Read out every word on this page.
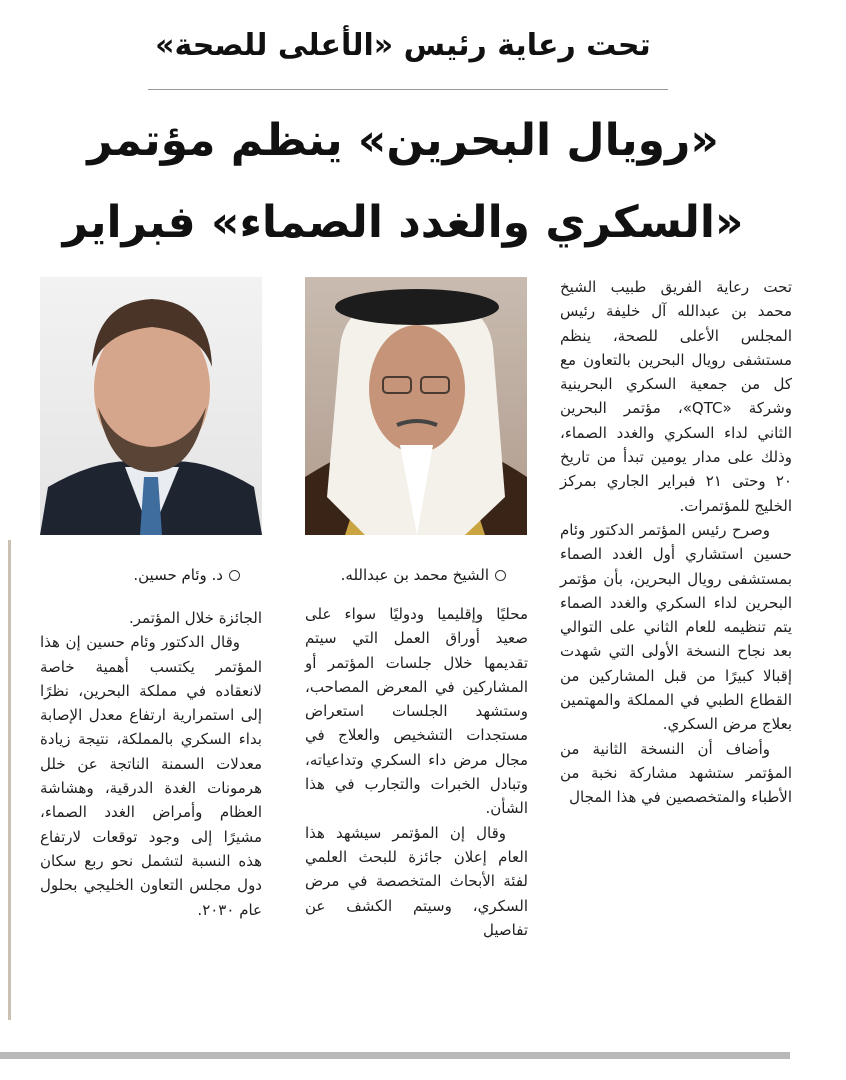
تحت رعاية رئيس «الأعلى للصحة»
«رويال البحرين» ينظم مؤتمر «السكري والغدد الصماء» فبراير

تحت رعاية الفريق طبيب الشيخ محمد بن عبدالله آل خليفة رئيس المجلس الأعلى للصحة، ينظم مستشفى رويال البحرين بالتعاون مع كل من جمعية السكري البحرينية وشركة «QTC»، مؤتمر البحرين الثاني لداء السكري والغدد الصماء، وذلك على مدار يومين تبدأ من تاريخ ٢٠ وحتى ٢١ فبراير الجاري بمركز الخليج للمؤتمرات.

وصرح رئيس المؤتمر الدكتور وئام حسين استشاري أول الغدد الصماء بمستشفى رويال البحرين، بأن مؤتمر البحرين لداء السكري والغدد الصماء يتم تنظيمه للعام الثاني على التوالي بعد نجاح النسخة الأولى التي شهدت إقبالا كبيرًا من قبل المشاركين من القطاع الطبي في المملكة والمهتمين بعلاج مرض السكري.

وأضاف أن النسخة الثانية من المؤتمر ستشهد مشاركة نخبة من الأطباء والمتخصصين في هذا المجال

الشيخ محمد بن عبدالله.
د. وئام حسين.

محليًا وإقليميا ودوليًا سواء على صعيد أوراق العمل التي سيتم تقديمها خلال جلسات المؤتمر أو المشاركين في المعرض المصاحب، وستشهد الجلسات استعراض مستجدات التشخيص والعلاج في مجال مرض داء السكري وتداعياته، وتبادل الخبرات والتجارب في هذا الشأن.

وقال إن المؤتمر سيشهد هذا العام إعلان جائزة للبحث العلمي لفئة الأبحاث المتخصصة في مرض السكري، وسيتم الكشف عن تفاصيل

الجائزة خلال المؤتمر.

وقال الدكتور وئام حسين إن هذا المؤتمر يكتسب أهمية خاصة لانعقاده في مملكة البحرين، نظرًا إلى استمرارية ارتفاع معدل الإصابة بداء السكري بالمملكة، نتيجة زيادة معدلات السمنة الناتجة عن خلل هرمونات الغدة الدرقية، وهشاشة العظام وأمراض الغدد الصماء، مشيرًا إلى وجود توقعات لارتفاع هذه النسبة لتشمل نحو ربع سكان دول مجلس التعاون الخليجي بحلول عام ٢٠٣٠.
